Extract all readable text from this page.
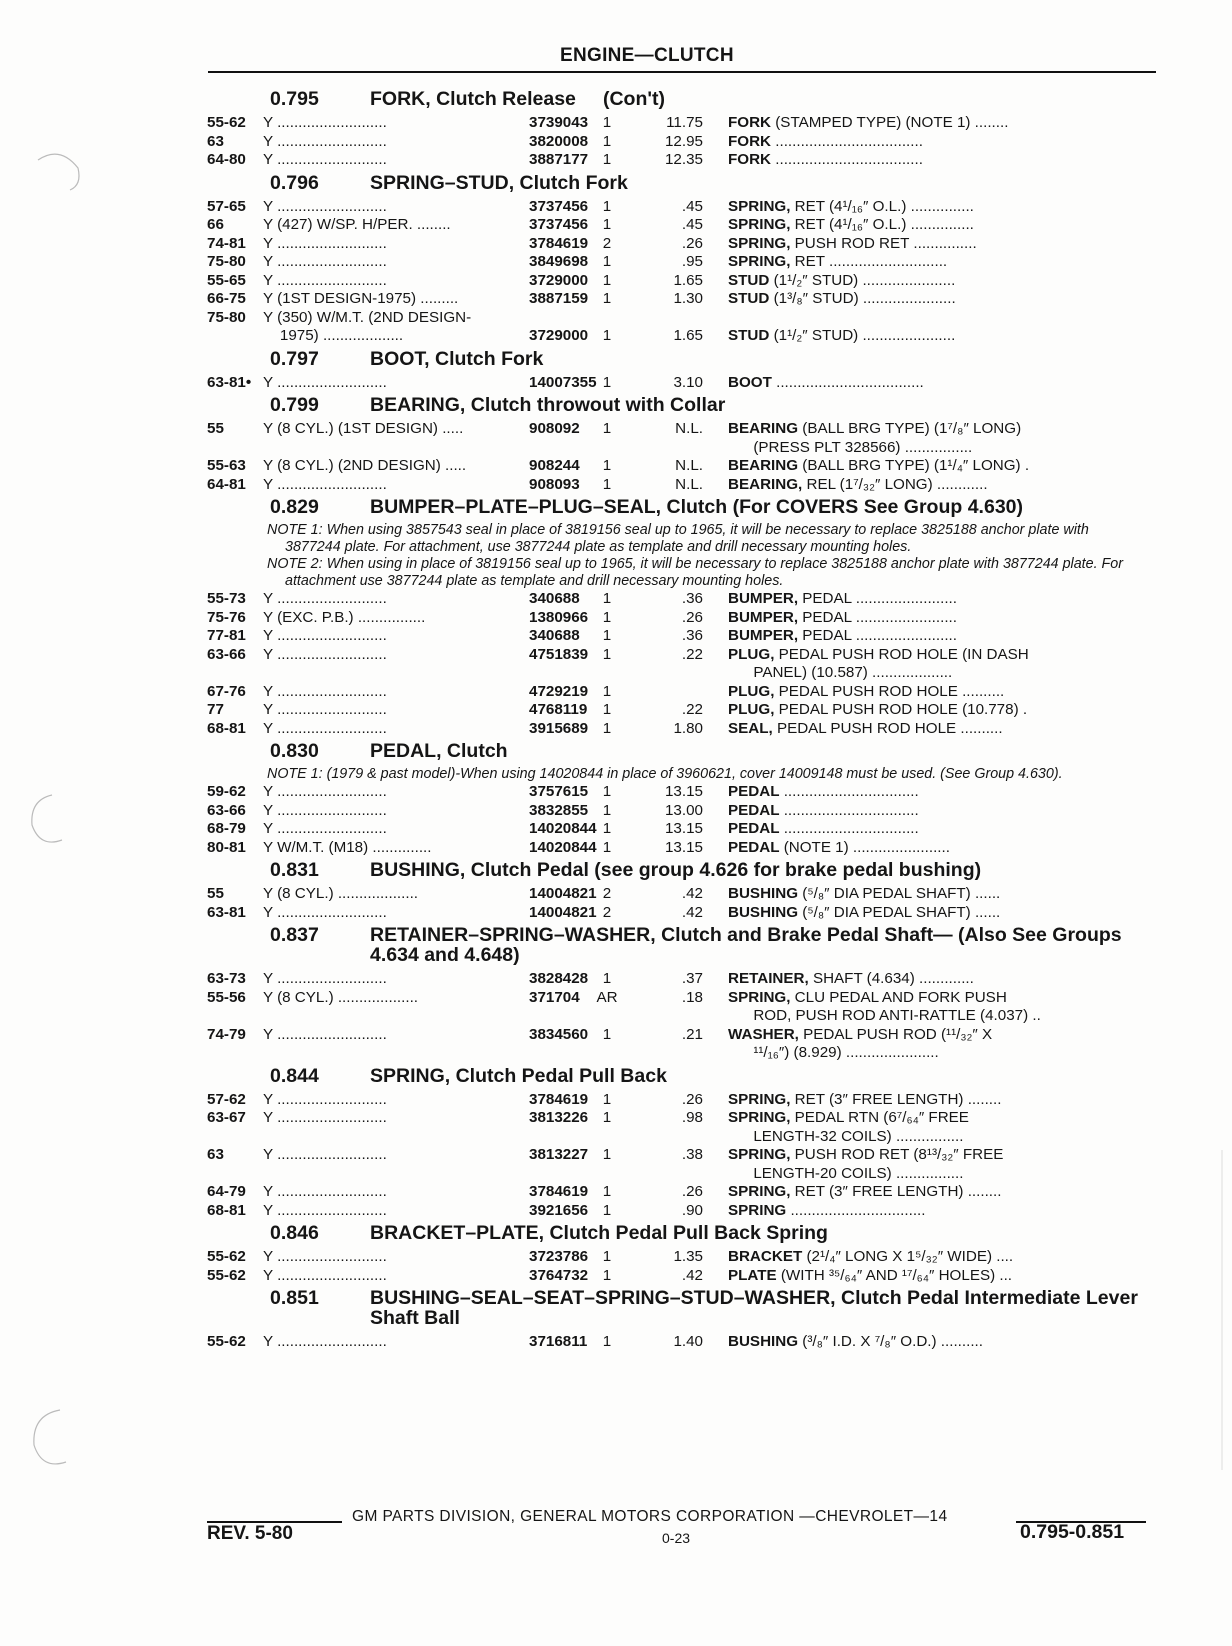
ENGINE—CLUTCH
0.795	FORK, Clutch Release     (Con't)
55-62	Y ..........................	3739043 1	11.75	FORK (STAMPED TYPE) (NOTE 1) ........
63	Y ..........................	3820008 1	12.95	FORK ...................................
64-80	Y ..........................	3887177 1	12.35	FORK ...................................
0.796	SPRING–STUD, Clutch Fork
57-65	Y ..........................	3737456 1	.45	SPRING, RET (4¹/₁₆″ O.L.) ...............
66	Y (427) W/SP. H/PER. ........	3737456 1	.45	SPRING, RET (4¹/₁₆″ O.L.) ...............
74-81	Y ..........................	3784619 2	.26	SPRING, PUSH ROD RET ...............
75-80	Y ..........................	3849698 1	.95	SPRING, RET ............................
55-65	Y ..........................	3729000 1	1.65	STUD (1¹/₂″ STUD) ......................
66-75	Y (1ST DESIGN-1975) .........	3887159 1	1.30	STUD (1³/₈″ STUD) ......................
75-80	Y (350) W/M.T. (2ND DESIGN-
1975) ...................	3729000 1	1.65	STUD (1¹/₂″ STUD) ......................
0.797	BOOT, Clutch Fork
63-81• Y ..........................	14007355 1	3.10	BOOT ...................................
0.799	BEARING, Clutch throwout with Collar
55	Y (8 CYL.) (1ST DESIGN) .....	908092	1	N.L.	BEARING (BALL BRG TYPE) (1⁷/₈″ LONG)
(PRESS PLT 328566) ................
55-63	Y (8 CYL.) (2ND DESIGN) .....	908244	1	N.L.	BEARING (BALL BRG TYPE) (1¹/₄″ LONG) .
64-81	Y ..........................	908093	1	N.L.	BEARING, REL (1⁷/₃₂″ LONG) ............
0.829	BUMPER–PLATE–PLUG–SEAL, Clutch (For COVERS See Group 4.630)
NOTE 1: When using 3857543 seal in place of 3819156 seal up to 1965, it will be necessary to replace 3825188 anchor plate with 3877244 plate. For attachment, use 3877244 plate as template and drill necessary mounting holes.
NOTE 2: When using in place of 3819156 seal up to 1965, it will be necessary to replace 3825188 anchor plate with 3877244 plate. For attachment use 3877244 plate as template and drill necessary mounting holes.
55-73	Y ..........................	340688	1	.36	BUMPER, PEDAL ........................
75-76	Y (EXC. P.B.) ................	1380966 1	.26	BUMPER, PEDAL ........................
77-81	Y ..........................	340688	1	.36	BUMPER, PEDAL ........................
63-66	Y ..........................	4751839 1	.22	PLUG, PEDAL PUSH ROD HOLE (IN DASH
PANEL) (10.587) ...................
67-76	Y ..........................	4729219 1	PLUG, PEDAL PUSH ROD HOLE ..........
77	Y ..........................	4768119	1	.22	PLUG, PEDAL PUSH ROD HOLE (10.778) .
68-81	Y ..........................	3915689 1	1.80	SEAL, PEDAL PUSH ROD HOLE ..........
0.830	PEDAL, Clutch
NOTE 1: (1979 & past model)-When using 14020844 in place of 3960621, cover 14009148 must be used. (See Group 4.630).
59-62	Y ..........................	3757615 1	13.15	PEDAL ................................
63-66	Y ..........................	3832855 1	13.00	PEDAL ................................
68-79	Y ..........................	14020844 1	13.15	PEDAL ................................
80-81	Y W/M.T. (M18) ..............	14020844 1	13.15	PEDAL (NOTE 1) .......................
0.831	BUSHING, Clutch Pedal (see group 4.626 for brake pedal bushing)
55	Y (8 CYL.) ...................	14004821 2	.42	BUSHING (⁵/₈″ DIA PEDAL SHAFT) ......
63-81	Y ..........................	14004821 2	.42	BUSHING (⁵/₈″ DIA PEDAL SHAFT) ......
0.837	RETAINER–SPRING–WASHER, Clutch and Brake Pedal Shaft— (Also See Groups 4.634 and 4.648)
63-73	Y ..........................	3828428 1	.37	RETAINER, SHAFT (4.634) .............
55-56	Y (8 CYL.) ...................	371704	AR	.18	SPRING, CLU PEDAL AND FORK PUSH
ROD, PUSH ROD ANTI-RATTLE (4.037) ..
74-79	Y ..........................	3834560 1	.21	WASHER, PEDAL PUSH ROD (¹¹/₃₂″ X
¹¹/₁₆″) (8.929) ......................
0.844	SPRING, Clutch Pedal Pull Back
57-62	Y ..........................	3784619 1	.26	SPRING, RET (3″ FREE LENGTH) ........
63-67	Y ..........................	3813226 1	.98	SPRING, PEDAL RTN (6⁷/₆₄″ FREE
LENGTH-32 COILS) ................
63	Y ..........................	3813227 1	.38	SPRING, PUSH ROD RET (8¹³/₃₂″ FREE
LENGTH-20 COILS) ................
64-79	Y ..........................	3784619 1	.26	SPRING, RET (3″ FREE LENGTH) ........
68-81	Y ..........................	3921656 1	.90	SPRING ................................
0.846	BRACKET–PLATE, Clutch Pedal Pull Back Spring
55-62	Y ..........................	3723786 1	1.35	BRACKET (2¹/₄″ LONG X 1⁵/₃₂″ WIDE) ....
55-62	Y ..........................	3764732 1	.42	PLATE (WITH ³⁵/₆₄″ AND ¹⁷/₆₄″ HOLES) ...
0.851	BUSHING–SEAL–SEAT–SPRING–STUD–WASHER, Clutch Pedal Intermediate Lever Shaft Ball
55-62	Y ..........................	3716811	1	1.40	BUSHING (³/₈″ I.D. X ⁷/₈″ O.D.) ..........
GM PARTS DIVISION, GENERAL MOTORS CORPORATION —CHEVROLET—14
REV. 5-80	0-23	0.795-0.851
